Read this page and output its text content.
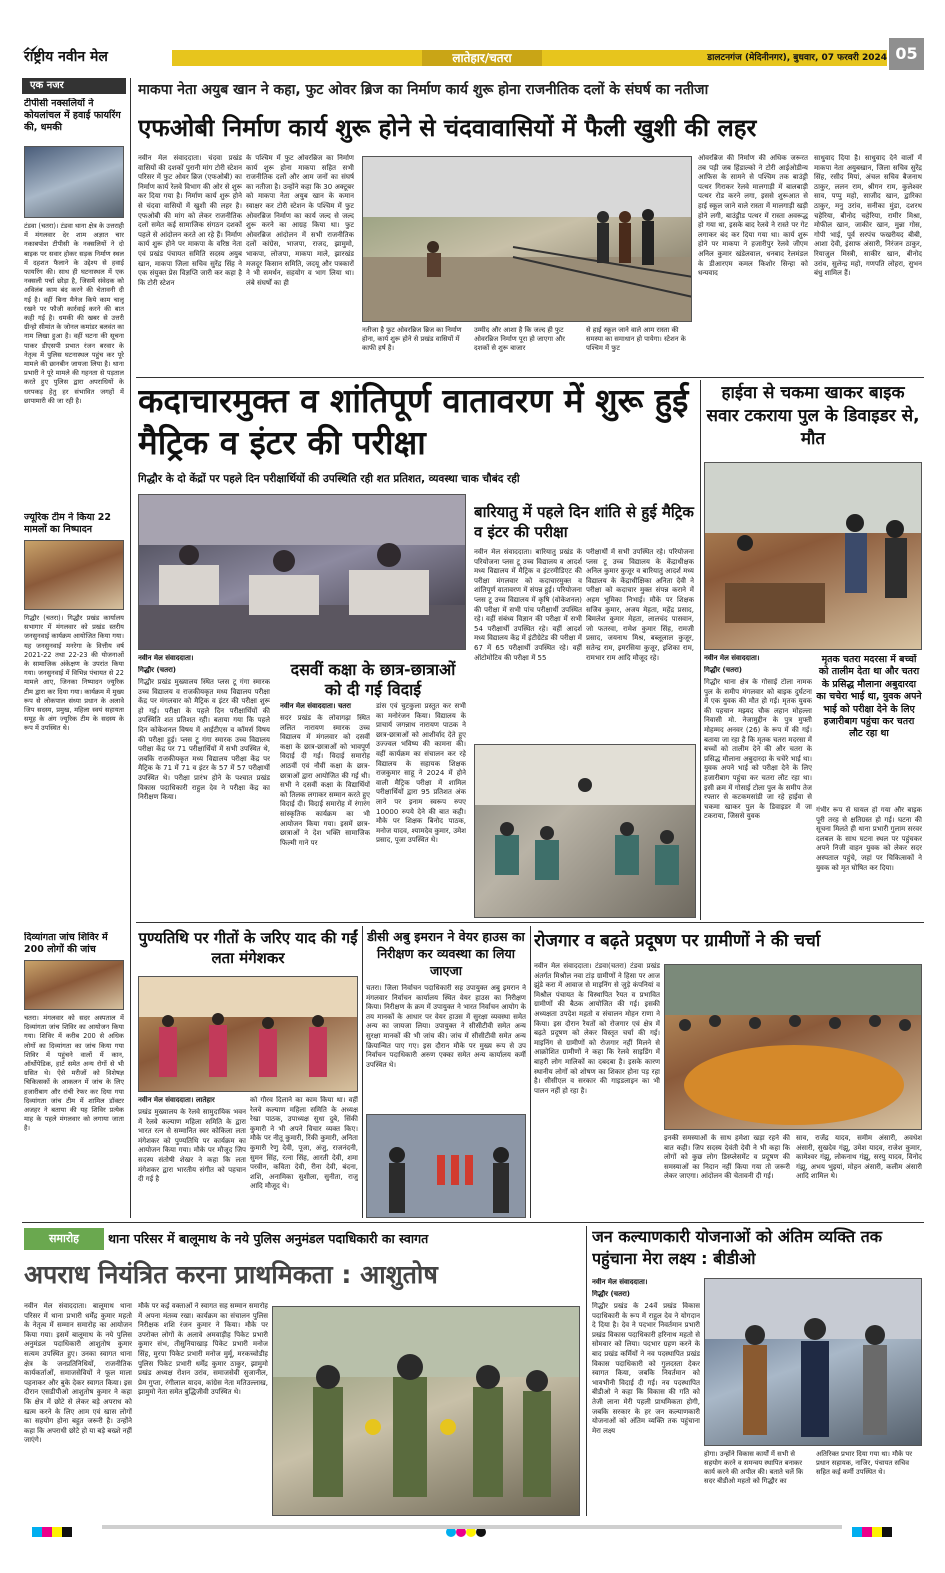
राष्ट्रीय नवीन मेल	लातेहार/चतरा	डालटनगंज (मेदिनीनगर), बुधवार, 07 फरवरी 2024 05
एक नजर
टीपीसी नक्सलियों ने कोयलांचल में हवाई फायरिंग की, धमकी
टंडवा (चतरा)। टंडवा थाना क्षेत्र के उत्तराही में मंगलवार देर शाम अज्ञात चार नकाबपोश टीपीसी के नक्सलियों ने दो बाइक पर सवार होकर सड़क निर्माण स्थल में दहशत फैलाने के उद्देश्य से हवाई फायरिंग की। साथ ही घटनास्थल में एक नक्सली पर्चा छोड़ा है, जिसमें संवेदक को अविलंब काम बंद करने की चेतावनी दी गई है। वहीं बिना मैनेज किये काम चालू रखने पर फौजी कार्रवाई करने की बात कही गई है। धमकी की खबर से उत्तरी ग्रीन्हो सीमांत के जोनल कमांडर बलवंत का नाम लिखा हुआ है। वहीं घटना की सूचना पाकर डीएसपी प्रभात रंजन बरवार के नेतृत्व में पुलिस घटनास्थल पहुंच कर पूरे मामले की छानबीन जायजा लिया है। थाना प्रभारी ने पूरे मामले की गहनता से पड़ताल करते हुए पुलिस द्वारा अपराधियों के धरपकड़ हेतु हर संभावित जगहों में छापामारी की जा रही है।
ज्यूरिक टीम ने किया 22 मामलों का निष्पादन
गिद्धौर (चतरा)। गिद्धौर प्रखंड कार्यालय सभागार में मंगलवार को प्रखंड स्तरीय जनसुनवाई कार्यक्रम आयोजित किया गया। यह जनसुनवाई मनरेगा के वित्तीय वर्ष 2021-22 तथा 22-23 की योजनाओं के सामाजिक अंकेक्षण के उपरांत किया गया। जनसुनवाई में विभिन्न पंचायत से 22 मामले आए, जिनका निष्पादन ज्यूरिक टीम द्वारा कर दिया गया। कार्यक्रम में मुख्य रूप से लोकपाल संध्या प्रधान के अलावे जिप सदस्य, प्रमुख, महिला स्वयं सहायता समूह के अंग ज्यूरिक टीम के सदस्य के रूप में उपस्थित थे।
दिव्यांगता जांच शिविर में 200 लोगों की जांच
चतरा। मंगलवार को सदर अस्पताल में दिव्यांगता जांच शिविर का आयोजन किया गया। शिविर में करीब 200 से अधिक लोगों का दिव्यांगता का जांच किया गया शिविर में पहुंचने वालों में कान, ऑर्थोपेडिक, हार्ट समेत अन्य रोगों से भी ग्रसित थे। ऐसे मरीजों को विशेषज्ञ चिकित्सकों के आकलन में जांच के लिए हजारीबाग और रांची रेफर कर दिया गया दिव्यांगता जांच टीम में शामिल डॉक्टर अजहर ने बताया की यह शिविर प्रत्येक माह के पहले मंगलवार को लगाया जाता है।
माकपा नेता अयुब खान ने कहा, फुट ओवर ब्रिज का निर्माण कार्य शुरू होना राजनीतिक दलों के संघर्ष का नतीजा
एफओबी निर्माण कार्य शुरू होने से चंदवावासियों में फैली खुशी की लहर
नवीन मेल संवाददाता। चंदवा प्रखंड वासियों की दशकों पुरानी मांग टोरी स्टेशन परिसर में फुट ओवर ब्रिज (एफओबी) का निर्माण कार्य रेलवे विभाग की ओर से शुरू कर दिया गया है। निर्माण कार्य शुरू होने से चंदवा वासियों में खुशी की लहर है। एफओबी की मांग को लेकर राजनीतिक दलों समेत कई सामाजिक संगठन दशकों पहले से आंदोलन करते आ रहे हैं। निर्माण कार्य शुरू होने पर माकपा के वरिष्ठ नेता एवं प्रखंड पंचायत समिति सदस्य अयुब खान, माकपा जिला सचिव सुरेंद्र सिंह ने एक संयुक्त प्रेस विज्ञप्ति जारी कर कहा है कि टोरी स्टेशन
के पश्चिम में फुट ओवरब्रिज का निर्माण कार्य शुरू होना माकपा सहित सभी राजनीतिक दलों और आम जनों का संघर्ष का नतीजा है। उन्होंने कहा कि 30 अक्टूबर को माकपा नेता अयुब खान के कमान स्वाक्षर कर टोरी स्टेशन के पश्चिम में फुट ओवरब्रिज निर्माण का कार्य जल्द से जल्द शुरू करने का आग्रह किया था। फुट ओवरब्रिज आंदोलन में सभी राजनीतिक दलों कांग्रेस, भाजपा, राजद, झामुमो, भाकपा, लोजपा, माकपा माले, झारखंड मजदूर किसान समिति, जदयू और पत्रकारों ने भी समर्थन, सहयोग व भाग लिया था। लंबे संघर्षों का ही
नतीजा है फुट ओवरब्रिज ब्रिज का निर्माण होना, कार्य शुरू होने से प्रखंड वासियों में काफी हर्ष है।
उम्मीद और आशा है कि जल्द ही फुट ओवरब्रिज निर्माण पूरा हो जाएगा और दशकों से शुरू बाजार
से हाई स्कूल जाने वाले आम रास्ता की समस्या का समाधान हो पायेगा। स्टेशन के पश्चिम में फुट
ओवरब्रिज की निर्माण की अधिक जरूरत तब पड़ी जब हिंडाल्को ने टोरी आईओडीन्य आफिस के सामने से पश्चिम तक बाउंड्री पत्थर गिराकर रेलवे मालगाड़ी में बालबाड़ी पत्थर रोड करने लगा, इससे शुरूआत से हाई स्कूल जाने वाले रास्ता में मालगाड़ी खड़ी होने लगी, बाउंड्रीड पत्थर में रास्ता अवरूद्ध हो गया था, इसके बाद रेलवे ने रास्ते पर गेट लगाकर बंद कर दिया गया था। कार्य शुरू होने पर माकपा ने हजारीपुर रेलवे जीएम अनिल कुमार खंडेलवाल, धनबाद रेलमंडल के डीआरएम कमल किशोर सिन्हा को धन्यवाद
साधुवाद दिया है। साधुवाद देने वालों में माकपा नेता अयुबखान, जिला सचिव सुरेंद्र सिंह, रसीद मियां, अंचल सचिव बैजनाथ ठाकुर, ललन राम, श्रीगन राम, कुलेश्वर साव, पप्पु महो, साजीद खान, द्वारिका ठाकुर, मनु उरांव, सनीका मुंडा, दशरथ चहेरिया, बीनोद चहेरिया, रामीर मिश्रा, मोफील खान, जाकीर खान, मुन्ना गोस, गोपी भाई, पूर्व सरपंच फखरीयद बीबी, आशा देवी, इंसाफ अंसारी, निरंजन ठाकुर, रियाजुल मिस्त्री, साकीर खान, बीनोद उरांव, सुलेन्द्र महो, गणपति लोहरा, सुभन बंधु शामिल हैं।
कदाचारमुक्त व शांतिपूर्ण वातावरण में शुरू हुई मैट्रिक व इंटर की परीक्षा
गिद्धौर के दो केंद्रों पर पहले दिन परीक्षार्थियों की उपस्थिति रही शत प्रतिशत, व्यवस्था चाक चौबंद रही
नवीन मेल संवाददाता।
गिद्धौर (चतरा)
गिद्धौर प्रखंड मुख्यालय स्थित प्लस टू गंगा स्मारक उच्च विद्यालय व राजकीयकृत मध्य विद्यालय परीक्षा केंद्र पर मंगलवार को मैट्रिक व इंटर की परीक्षा शुरू हो गई। परीक्षा के पहले दिन परीक्षार्थियों की उपस्थिति शत प्रतिशत रही। बताया गया कि पहले दिन कोकेशनल विषय में आईटीएस व कॉमर्स विषय की परीक्षा हुई। प्लस टू गंगा स्मारक उच्च विद्यालय परीक्षा केंद्र पर 71 परीक्षार्थियों में सभी उपस्थित थे, जबकि राजकीयकृत मध्य विद्यालय परीक्षा केंद्र पर मैट्रिक के 71 में 71 व इंटर के 57 में 57 परीक्षार्थी उपस्थित थे। परीक्षा प्रारंभ होने के पश्चात प्रखंड विकास पदाधिकारी राहुल देव ने परीक्षा केंद्र का निरीक्षण किया।
दसवीं कक्षा के छात्र-छात्राओं को दी गई विदाई
नवीन मेल संवाददाता। चतरा
सदर प्रखंड के लोवागढ़ा स्थित ललित नारायण स्मारक उच्च विद्यालय में मंगलवार को दसवीं कक्षा के छात्र-छात्राओं को भावपूर्ण विदाई दी गई। विदाई समारोह आठवीं एवं नौवीं कक्षा के छात्र-छात्राओं द्वारा आयोजित की गई थी। सभी ने दसवीं कक्षा के विद्यार्थियों को तिलक लगाकर सम्मान करते हुए विदाई दी। विदाई समारोह में रंगारंग सांस्कृतिक कार्यक्रम का भी आयोजन किया गया। इसमें छात्र-छात्राओं ने देश भक्ति सामाजिक फिल्मी गाने पर
डांस एवं चुटकुला प्रस्तुत कर सभी का मनोरंजन किया। विद्यालय के प्राचार्य जगन्नाथ नारायण पाठक ने छात्र-छात्राओं को आशीर्वाद देते हुए उज्ज्वल भविष्य की कामना की। वहीं कार्यक्रम का संचालन कर रहे विद्यालय के सहायक शिक्षक राजकुमार साहू ने 2024 में होने वाली मैट्रिक परीक्षा में शामिल परीक्षार्थियों द्वारा 95 प्रतिशत अंक लाने पर इनाम स्वरूप रुपए 10000 रुपये देने की बात कही। मौके पर शिक्षक बिनोद पाठक, मनोज यादव, श्यामदेव कुमार, उमेश प्रसाद, पूजा उपस्थित थे।
बारियातु में पहले दिन शांति से हुई मैट्रिक व इंटर की परीक्षा
नवीन मेल संवाददाता। बारियातु प्रखंड के परियोजना प्लस टू उच्च विद्यालय व आदर्श मध्य विद्यालय में मैट्रिक व इंटरमीडिएट की परीक्षा मंगलवार को कदाचारमुक्त व शांतिपूर्ण वातावरण में संपन्न हुई। परियोजना प्लस टू उच्च विद्यालय में कृषि (वोकेशनल) की परीक्षा में सभी पांच परीक्षार्थी उपस्थित रहे। वहीं संबंध्य विज्ञान की परीक्षा में सभी 54 परीक्षार्थी उपस्थित रहे। वहीं आदर्श मध्य विद्यालय केंद्र में इंटीग्रेटेड की परीक्षा में 67 में 65 परीक्षार्थी उपस्थित रहे। वहीं ऑटोमोटिव की परीक्षा में 55
परीक्षार्थी में सभी उपस्थित रहे। परियोजना प्लस टू उच्च विद्यालय के केंद्राधीक्षक अनिल कुमार कुजूर व बारियातु आदर्श मध्य विद्यालय के केंद्राधीक्षिका अनिता देवी ने परीक्षा को कदाचार मुक्त संपन्न कराने में अहम भूमिका निभाई। मौके पर शिक्षक सजिव कुमार, अजय मेहता, महेंद्र प्रसाद, बिमलेश कुमार मेहता, लालचंद पासवान, जो फतरवा, रामेश कुमार सिंह, रामजी प्रसाद, जयनाथ मिश्र, बब्लूलाल कुजूर, सतेन्द्र राम, इमरसिया कुजूर, इशिका राम, रामभार राम आदि मौजूद रहे।
हाईवा से चकमा खाकर बाइक सवार टकराया पुल के डिवाइडर से, मौत
नवीन मेल संवाददाता।
गिद्धौर (चतरा)
गिद्धौर थाना क्षेत्र के गोसाई टोला नामक पुल के समीप मंगलवार को बाइक दुर्घटना में एक युवक की मौत हो गई। मृतक युवक की पहचान मझ्यद चौक लहान मोहल्ला निवासी मो. नेजामुद्दीन के पुत्र मुफ्ती मोहम्मद अनवर (26) के रूप में की गई। बताया जा रहा है कि मृतक चतरा मदरसा में बच्चों को तालीम देने की और चतरा के प्रसिद्ध मौलाना अबुदारदा के चचेरे भाई था। युवक अपने भाई को परीक्षा देने के लिए हजारीबाग पहुंचा कर चतरा लौट रहा था। इसी क्रम में गोसाई टोला पुल के समीप तेज रफ्तार से कटकमसांडी जा रहे हाईवा से चकमा खाकर पुल के डिवाइडर में जा टकराया, जिससे युवक
मृतक चतरा मदरसा में बच्चों को तालीम देता था और चतरा के प्रसिद्ध मौलाना अबुदारदा का चचेरा भाई था, युवक अपने भाई को परीक्षा देने के लिए हजारीबाग पहुंचा कर चतरा लौट रहा था
गंभीर रूप से घायल हो गया और बाइक पूरी तरह से क्षतिग्रस्त हो गई। घटना की सूचना मिलते ही थाना प्रभारी गुलाम सरवर दलबल के साथ घटना स्थल पर पहुंचकर अपने निजी वाहन युवक को लेकर सदर अस्पताल पहुंचे, जहां पर चिकित्सकों ने युवक को मृत घोषित कर दिया।
पुण्यतिथि पर गीतों के जरिए याद की गईं लता मंगेशकर
नवीन मेल संवाददाता। लातेहार
प्रखंड मुख्यालय के रेलवे सामुदायिक भवन में रेलवे कल्याण महिला समिति के द्वारा भारत रत्न से सम्मानित स्वर कोकिला लता मंगेशकर को पुण्यतिथि पर कार्यक्रम का आयोजन किया गया। मौके पर मौजूद जिप सदस्य संतोषी शेखर ने कहा कि लता मंगेशकर द्वारा भारतीय संगीत को पहचान दी गई है
को गौरव दिलाने का काम किया था। वहीं रेलवे कल्याण महिला समिति के अध्यक्ष रेखा पाठक, उपाध्यक्ष सुधा दुबे, सिंकी कुमारी ने भी अपने विचार व्यक्त किए। मौके पर नीतू कुमारी, रिंकी कुमारी, अनिता कुमारी रेणु देवी, पूजा, अंजु, राजनंदनी, सुमन सिंह, रत्ना सिंह, आरती देवी, शमा परवीन, कविता देवी, रीना देवी, बंदना, शशि, अनामिका सुशीला, सुनीता, राजु आदि मौजूद थे।
डीसी अबु इमरान ने वेयर हाउस का निरीक्षण कर व्यवस्था का लिया जाएजा
चतरा। जिला निर्वाचन पदाधिकारी सह उपायुक्त अबु इमरान ने मंगलवार निर्वाचन कार्यालय स्थित वेयर हाउस का निरीक्षण किया। निरीक्षण के क्रम में उपायुक्त ने भारत निर्वाचन आयोग के तय मानकों के आधार पर वेयर हाउस में सुरक्षा व्यवस्था समेत अन्य का जायजा लिया। उपायुक्त ने सीसीटीवी समेत अन्य सुरक्षा मानकों की भी जांच की। जांच में सीसीटीवी समेत अन्य क्रियान्वित पाए गए। इस दौरान मौके पर मुख्य रूप से उप निर्वाचन पदाधिकारी अरुण एक्का समेत अन्य कार्यालय कर्मी उपस्थित थे।
रोजगार व बढ़ते प्रदूषण पर ग्रामीणों ने की चर्चा
नवीन मेल संवाददाता। टंडवा(चतरा) टंडवा प्रखंड अंतर्गत मिश्रौल नवा टांड़ ग्रामीणों ने हिसा पर आज झुंडे करा में आवाज से माइनिंग से जुड़े कंपनियां व मिश्रौल पंचायत के विस्थापित रैयत व प्रभावित ग्रामीणों की बैठक आयोजित की गई। इसकी अध्यक्षता उपदेश महतो व संचालन मोहन राणा ने किया। इस दौरान रैयतों को रोजगार एवं क्षेत्र में बढ़ते प्रदूषण को लेकर विस्तृत चर्चा की गई। माइनिंग से ग्रामीणों को रोजगार नहीं मिलने से आक्रोशित ग्रामीणों ने कहा कि रेलवे साइडिंग में बाहरी लोग मालिकों का दबदबा है। इसके कारण स्थानीय लोगों को शोषण का शिकार होना पड़ रहा है। सीसीएल व सरकार की गाइडलाइन का भी पालन नहीं हो रहा है।
इनकी समस्याओं के साथ हमेशा खड़ा रहने की बात कही। जिप सदस्य देवंती देवी ने भी कहा कि लोगों को कुछ लोग डिस्प्लेसमेंट व प्रदूषण की समस्याओं का निदान नहीं किया गया तो जरूरी लेकर जाएगा। आंदोलन की चेतावनी दी गई।
साव, राजेंद्र यादव, समीम अंसारी, अवधेश अंसारी, सुखदेव गंझू, उमेश यादव, राजेश कुमार, कामेश्वर गंझू, लोकनाथ गंझू, सरयु यादव, विनोद गंझू, अभय भुइयां, मोहन अंसारी, कलीम अंसारी आदि शामिल थे।
समारोह	थाना परिसर में बालूमाथ के नये पुलिस अनुमंडल पदाधिकारी का स्वागत
अपराध नियंत्रित करना प्राथमिकता : आशुतोष
नवीन मेल संवाददाता। बालूमाथ थाना परिसर में थाना प्रभारी धर्मेंद्र कुमार महतो के नेतृत्व में सम्मान समारोह का आयोजन किया गया। इसमें बालूमाथ के नये पुलिस अनुमंडल पदाधिकारी आशुतोष कुमार सत्यम उपस्थित हुए। उनका स्वागत थाना क्षेत्र के जनप्रतिनिधियों, राजनीतिक कार्यकर्ताओं, समाजसेवियों ने फूल माला पहनाकर और बुके देकर स्वागत किया। इस दौरान एसडीपीओ आशुतोष कुमार ने कहा कि क्षेत्र में छोटे से लेकर बड़े अपराध को खत्म करने के लिए आम एवं खास लोगों का सहयोग होना बहुत जरूरी है। उन्होंने कहा कि अपराधी छोटे हो या बड़े बख्शे नहीं जाएंगे।
मौके पर कई वक्ताओं ने स्वागत सह सम्मान समारोह में अपना मंतव्य रखा। कार्यक्रम का संचालन पुलिस निरीक्षक शशि रंजन कुमार ने किया। मौके पर उपरोक्त लोगों के अलावे अमवाड़ीह पिकेट प्रभारी कुमार संभ, तीसुनियाखाड़ पिकेट प्रभारी मनोज सिंह, मुरपा पिकेट प्रभारी मनोज मुर्मू, मरकच्चोडीह पुलिस पिकेट प्रभारी धर्मेंद्र कुमार ठाकुर, झामुमो प्रखंड अध्यक्ष रोशन उरांव, समाजसेवी सुजानील, प्रेम गुप्ता, रंगीलाल यादव, कांग्रेस नेता मतिउल्लाख, झामुमो नेता समेत बुद्धिजीवी उपस्थित थे।
जन कल्याणकारी योजनाओं को अंतिम व्यक्ति तक पहुंचाना मेरा लक्ष्य : बीडीओ
नवीन मेल संवाददाता।
गिद्धौर (चतरा)
गिद्धौर प्रखंड के 24वें प्रखंड विकास पदाधिकारी के रूप में राहुल देव ने योगदान दे दिया है। देव ने पदभार निवर्तमान प्रभारी प्रखंड विकास पदाधिकारी हरिनाथ महतो से सोमवार को लिया। पदभार ग्रहण करने के बाद प्रखंड कर्मियों ने नव पदस्थापित प्रखंड विकास पदाधिकारी को गुलदस्ता देकर स्वागत किया, जबकि निवर्तमान को भावभीनी विदाई दी गई। नव पदस्थापित बीडीओ ने कहा कि विकास की गति को तेजी लाना मेरी पहली प्राथमिकता होगी, जबकि सरकार के हर जन कल्याणकारी योजनाओं को अंतिम व्यक्ति तक पहुंचाना मेरा लक्ष्य
होगा। उन्होंने विकास कार्यों में सभी से सहयोग करने व समन्वय स्थापित बनाकर कार्य करने की अपील की। बताते चलें कि सदर बीडीओ महतो को गिद्धौर का अतिरिक्त प्रभार दिया गया था। मौके पर प्रधान सहायक, नाजिर, पंचायत सचिव सहित कई कर्मी उपस्थित थे।
